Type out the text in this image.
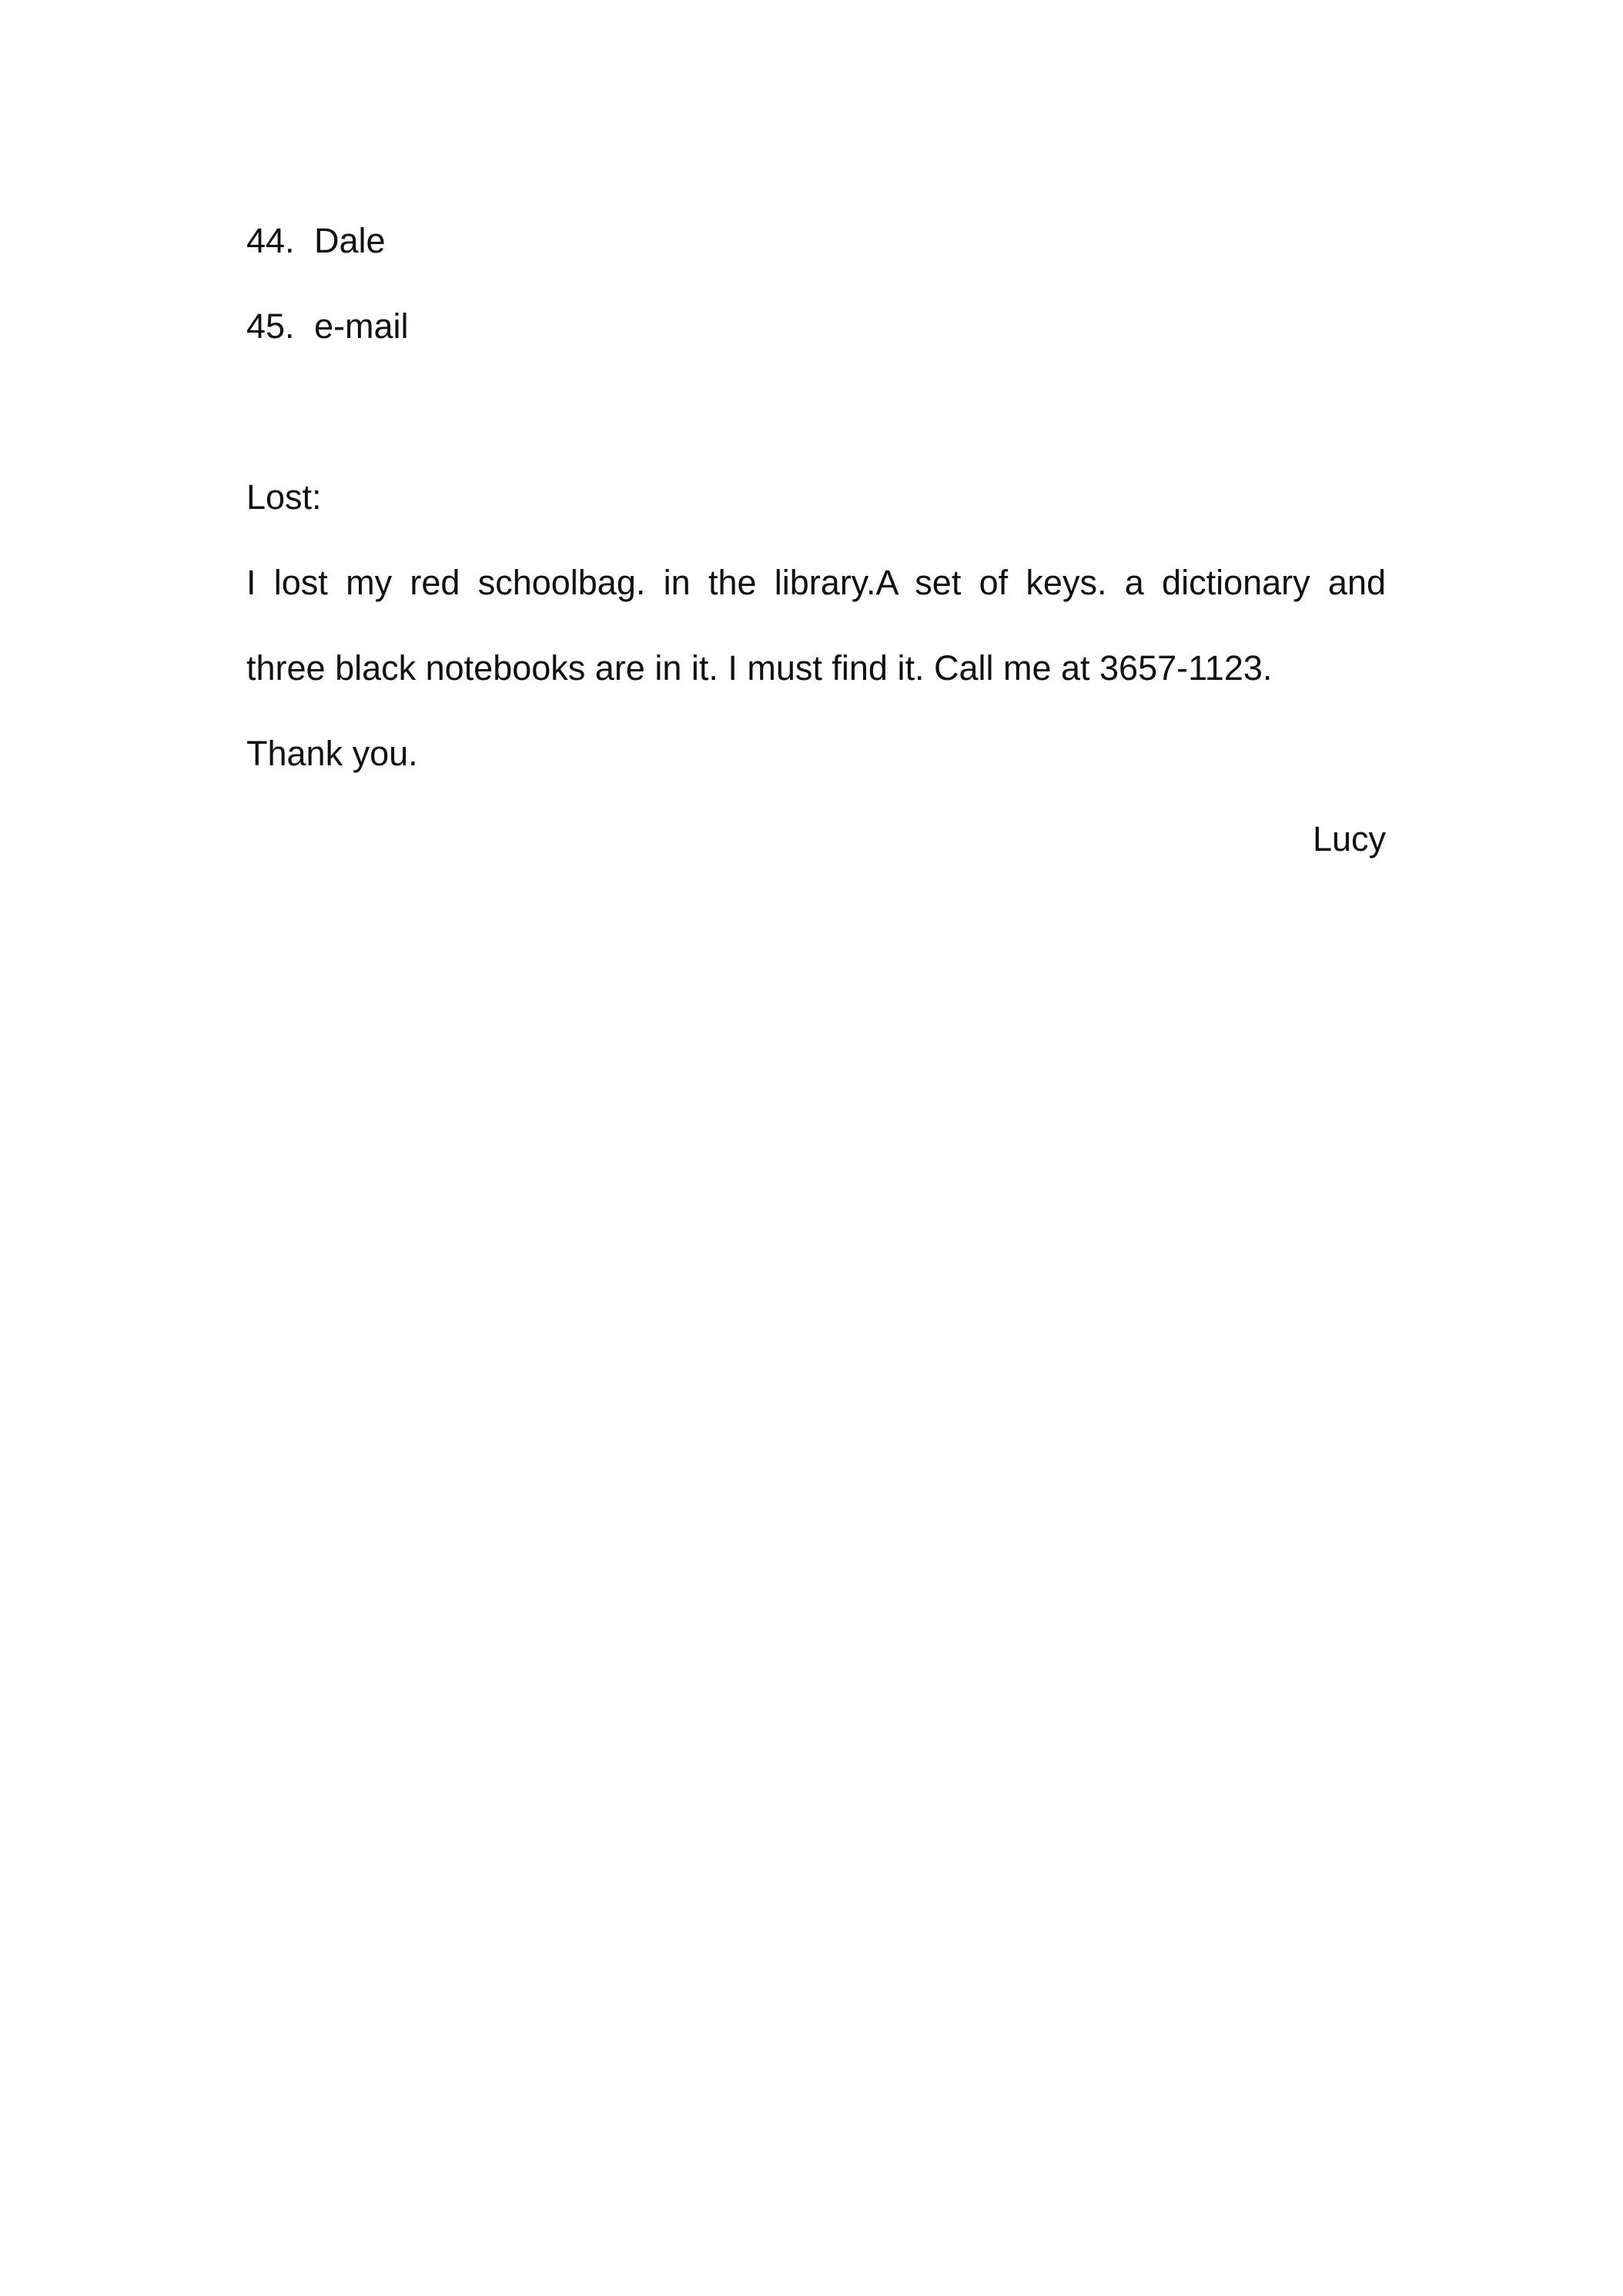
44. Dale
45. e-mail
Lost:
I lost my red schoolbag. in the library.A set of keys. a dictionary and
three black notebooks are in it. I must find it. Call me at 3657-1123.
Thank you.
Lucy
